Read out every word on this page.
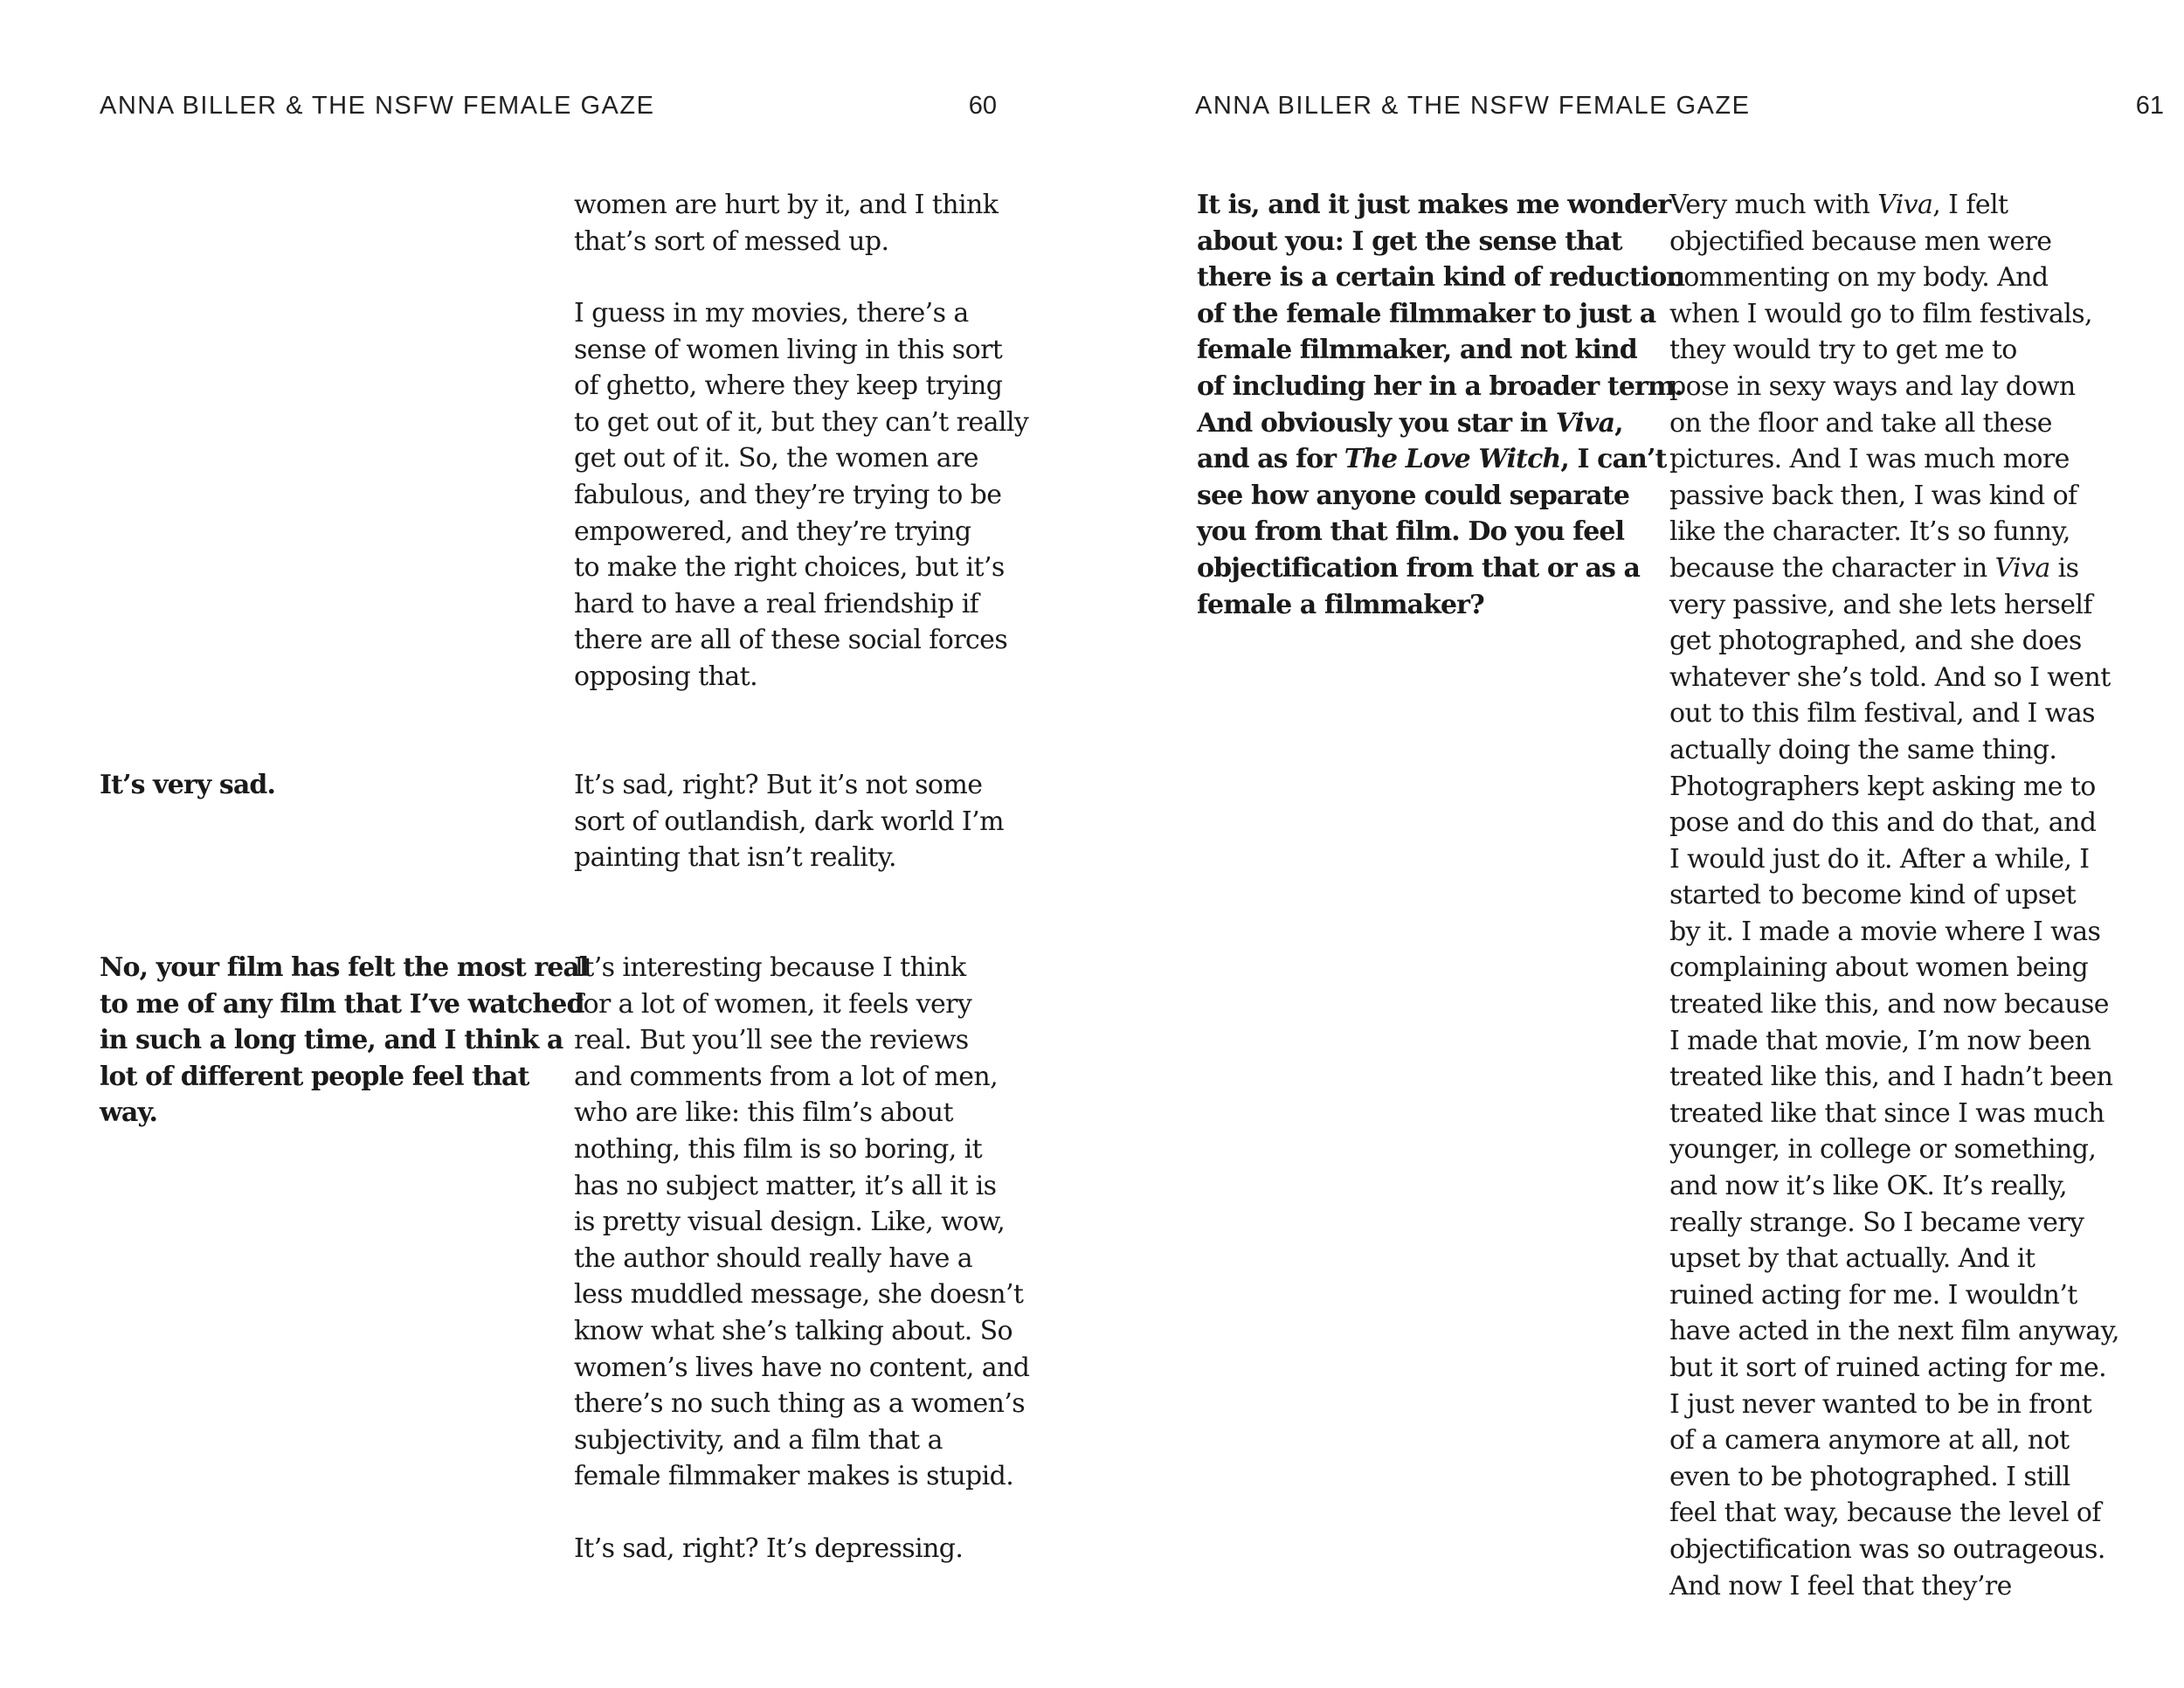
ANNA BILLER & THE NSFW FEMALE GAZE	60
women are hurt by it, and I think
that’s sort of messed up.
I guess in my movies, there’s a
sense of women living in this sort
of ghetto, where they keep trying
to get out of it, but they can’t really
get out of it. So, the women are
fabulous, and they’re trying to be
empowered, and they’re trying
to make the right choices, but it’s
hard to have a real friendship if
there are all of these social forces
opposing that.
It’s very sad.	It’s sad, right? But it’s not some
sort of outlandish, dark world I’m
painting that isn’t reality.
No, your film has felt the most real
to me of any film that I’ve watched
in such a long time, and I think a
lot of different people feel that
way.
It’s interesting because I think
for a lot of women, it feels very
real. But you’ll see the reviews
and comments from a lot of men,
who are like: this film’s about
nothing, this film is so boring, it
has no subject matter, it’s all it is
is pretty visual design. Like, wow,
the author should really have a
less muddled message, she doesn’t
know what she’s talking about. So
women’s lives have no content, and
there’s no such thing as a women’s
subjectivity, and a film that a
female filmmaker makes is stupid.
It’s sad, right? It’s depressing.
ANNA BILLER & THE NSFW FEMALE GAZE	61
It is, and it just makes me wonder
about you: I get the sense that
there is a certain kind of reduction
of the female filmmaker to just a
female filmmaker, and not kind
of including her in a broader term.
And obviously you star in Viva,
and as for The Love Witch, I can’t
see how anyone could separate
you from that film. Do you feel
objectification from that or as a
female a filmmaker?
Very much with Viva, I felt
objectified because men were
commenting on my body. And
when I would go to film festivals,
they would try to get me to
pose in sexy ways and lay down
on the floor and take all these
pictures. And I was much more
passive back then, I was kind of
like the character. It’s so funny,
because the character in Viva is
very passive, and she lets herself
get photographed, and she does
whatever she’s told. And so I went
out to this film festival, and I was
actually doing the same thing.
Photographers kept asking me to
pose and do this and do that, and
I would just do it. After a while, I
started to become kind of upset
by it. I made a movie where I was
complaining about women being
treated like this, and now because
I made that movie, I’m now been
treated like this, and I hadn’t been
treated like that since I was much
younger, in college or something,
and now it’s like OK. It’s really,
really strange. So I became very
upset by that actually. And it
ruined acting for me. I wouldn’t
have acted in the next film anyway,
but it sort of ruined acting for me.
I just never wanted to be in front
of a camera anymore at all, not
even to be photographed. I still
feel that way, because the level of
objectification was so outrageous.
And now I feel that they’re
